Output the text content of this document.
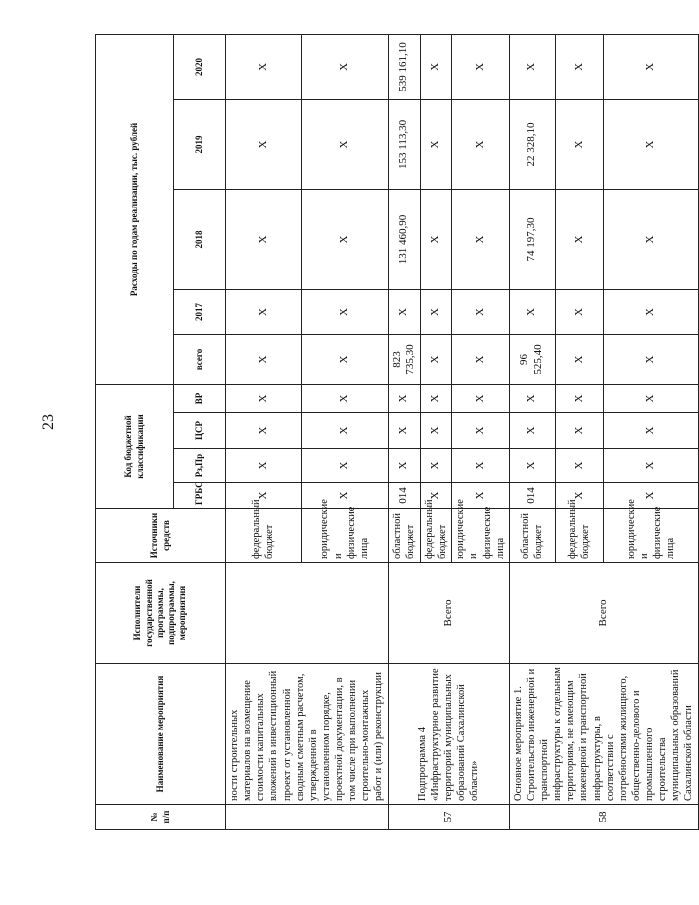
23
№ п/п	Наименование мероприятия	Исполнители государственной программы, подпрограммы, мероприятия	Источники средств	Код бюджетной классификации				Расходы по годам реализации, тыс. рублей				
				ГРБС	Рз,Пр	ЦСР	ВР	всего	2017	2018	2019	2020
	ности строительных материалов на возмещение стоимости капитальных вложений в инвестиционный проект от установленной сводным сметным расчетом, утвержденной в установленном порядке, проектной документации, в том числе при выполнении строительно-монтажных работ и (или) реконструкции		федеральный бюджет	Х	Х	Х	Х	Х	Х	Х	Х	Х
			юридические и физические лица	Х	Х	Х	Х	Х	Х	Х	Х	Х
57	Подпрограмма 4 «Инфраструктурное развитие территорий муниципальных образований Сахалинской области»	Всего	областной бюджет	014	Х	Х	Х	823 735,30	Х	131 460,90	153 113,30	539 161,10
			федеральный бюджет	Х	Х	Х	Х	Х	Х	Х	Х	Х
			юридические и физические лица	Х	Х	Х	Х	Х	Х	Х	Х	Х
58	Основное мероприятие 1. Строительство инженерной и транспортной инфраструктуры к отдельным территориям, не имеющим инженерной и транспортной инфраструктуры, в соответствии с потребностями жилищного, общественно-делового и промышленного строительства муниципальных образований Сахалинской области	Всего	областной бюджет	014	Х	Х	Х	96 525,40	Х	74 197,30	22 328,10	Х
			федеральный бюджет	Х	Х	Х	Х	Х	Х	Х	Х	Х
			юридические и физические лица	Х	Х	Х	Х	Х	Х	Х	Х	Х
